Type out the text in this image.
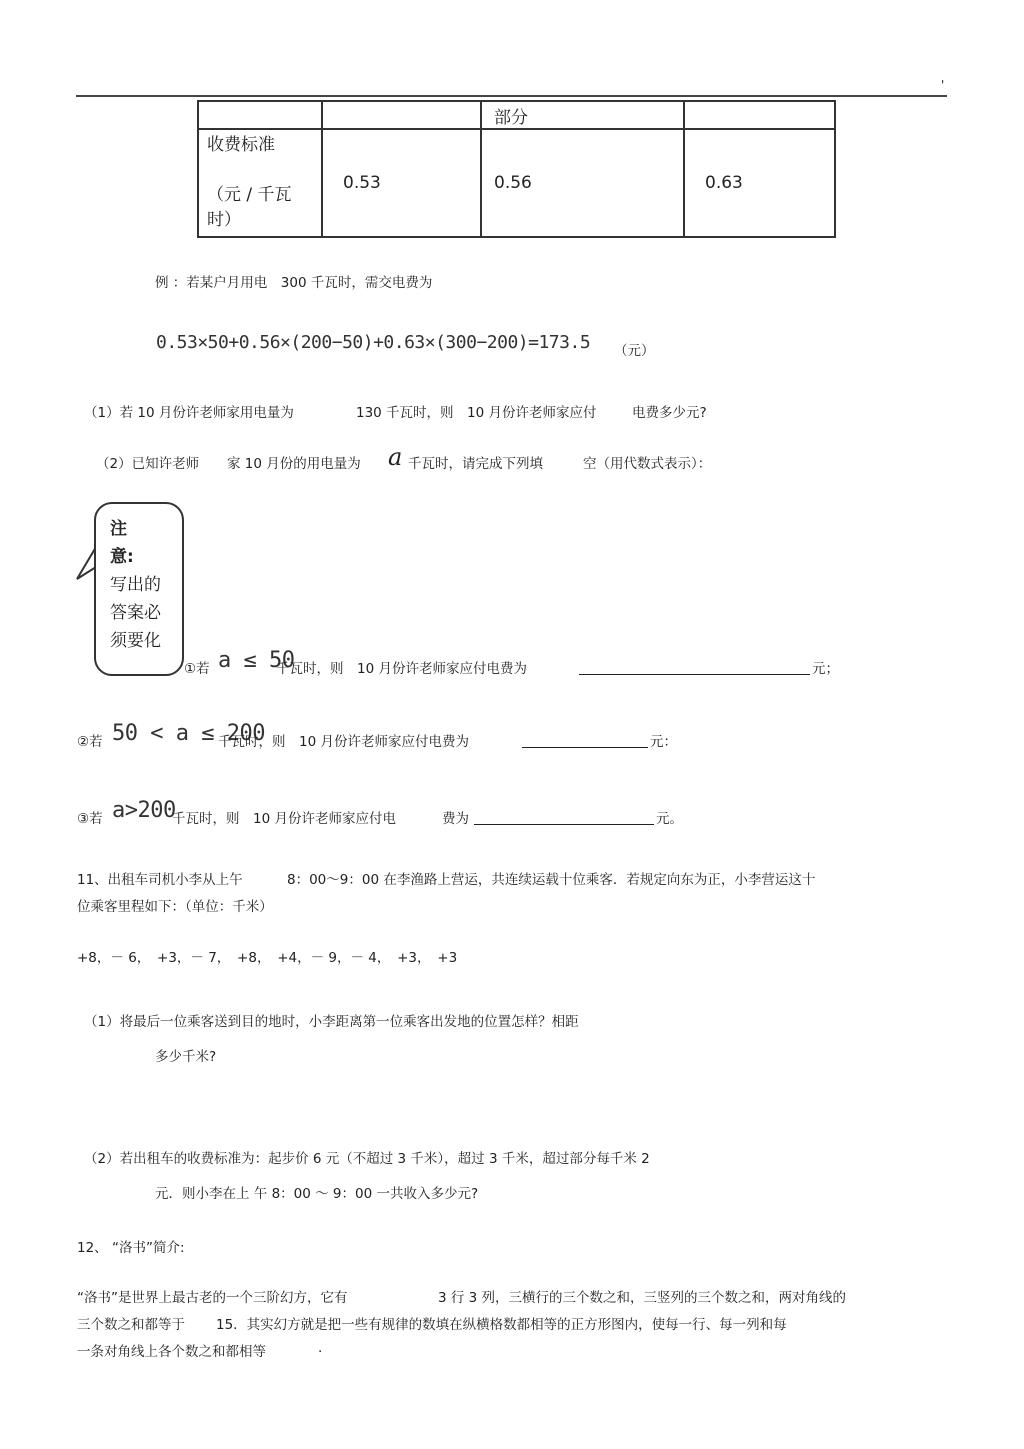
'
		部分	

收费标准
（元 / 千瓦
时）	0.53	0.56	0.63
例 ：若某户月用电　300 千瓦时，需交电费为
0.53×50+0.56×(200−50)+0.63×(300−200)=173.5 （元）
（1）若 10 月份许老师家用电量为	130 千瓦时，则　10 月份许老师家应付	电费多少元?
（2）已知许老师 家 10 月份的用电量为 a 千瓦时，请完成下列填	空（用代数式表示）：
注
意:
写出的
答案必
须要化
①若 a ≤ 50
千瓦时，则　10 月份许老师家应付电费为	元；
②若 50 < a ≤ 200
千瓦时，则　10 月份许老师家应付电费为	元：
③若 a>200
千瓦时，则　10 月份许老师家应付电	费为	元。
11、出租车司机小李从上午	8：00～9：00 在李渔路上营运，共连续运载十位乘客．若规定向东为正，小李营运这十
位乘客里程如下：（单位：千米）
+8，－ 6，　+3，－ 7，　+8，　+4，－ 9，－ 4，　+3，　+3
（1）将最后一位乘客送到目的地时，小李距离第一位乘客出发地的位置怎样？相距
多少千米?
（2）若出租车的收费标准为：起步价 6 元（不超过 3 千米），超过 3 千米，超过部分每千米 2
元．则小李在上 午 8：00 ～ 9：00 一共收入多少元?
12、 “洛书”简介:
“洛书”是世界上最古老的一个三阶幻方，它有	3 行 3 列，三横行的三个数之和，三竖列的三个数之和，两对角线的
三个数之和都等于 15．其实幻方就是把一些有规律的数填在纵横格数都相等的正方形图内，使每一行、每一列和每
一条对角线上各个数之和都相等	.
